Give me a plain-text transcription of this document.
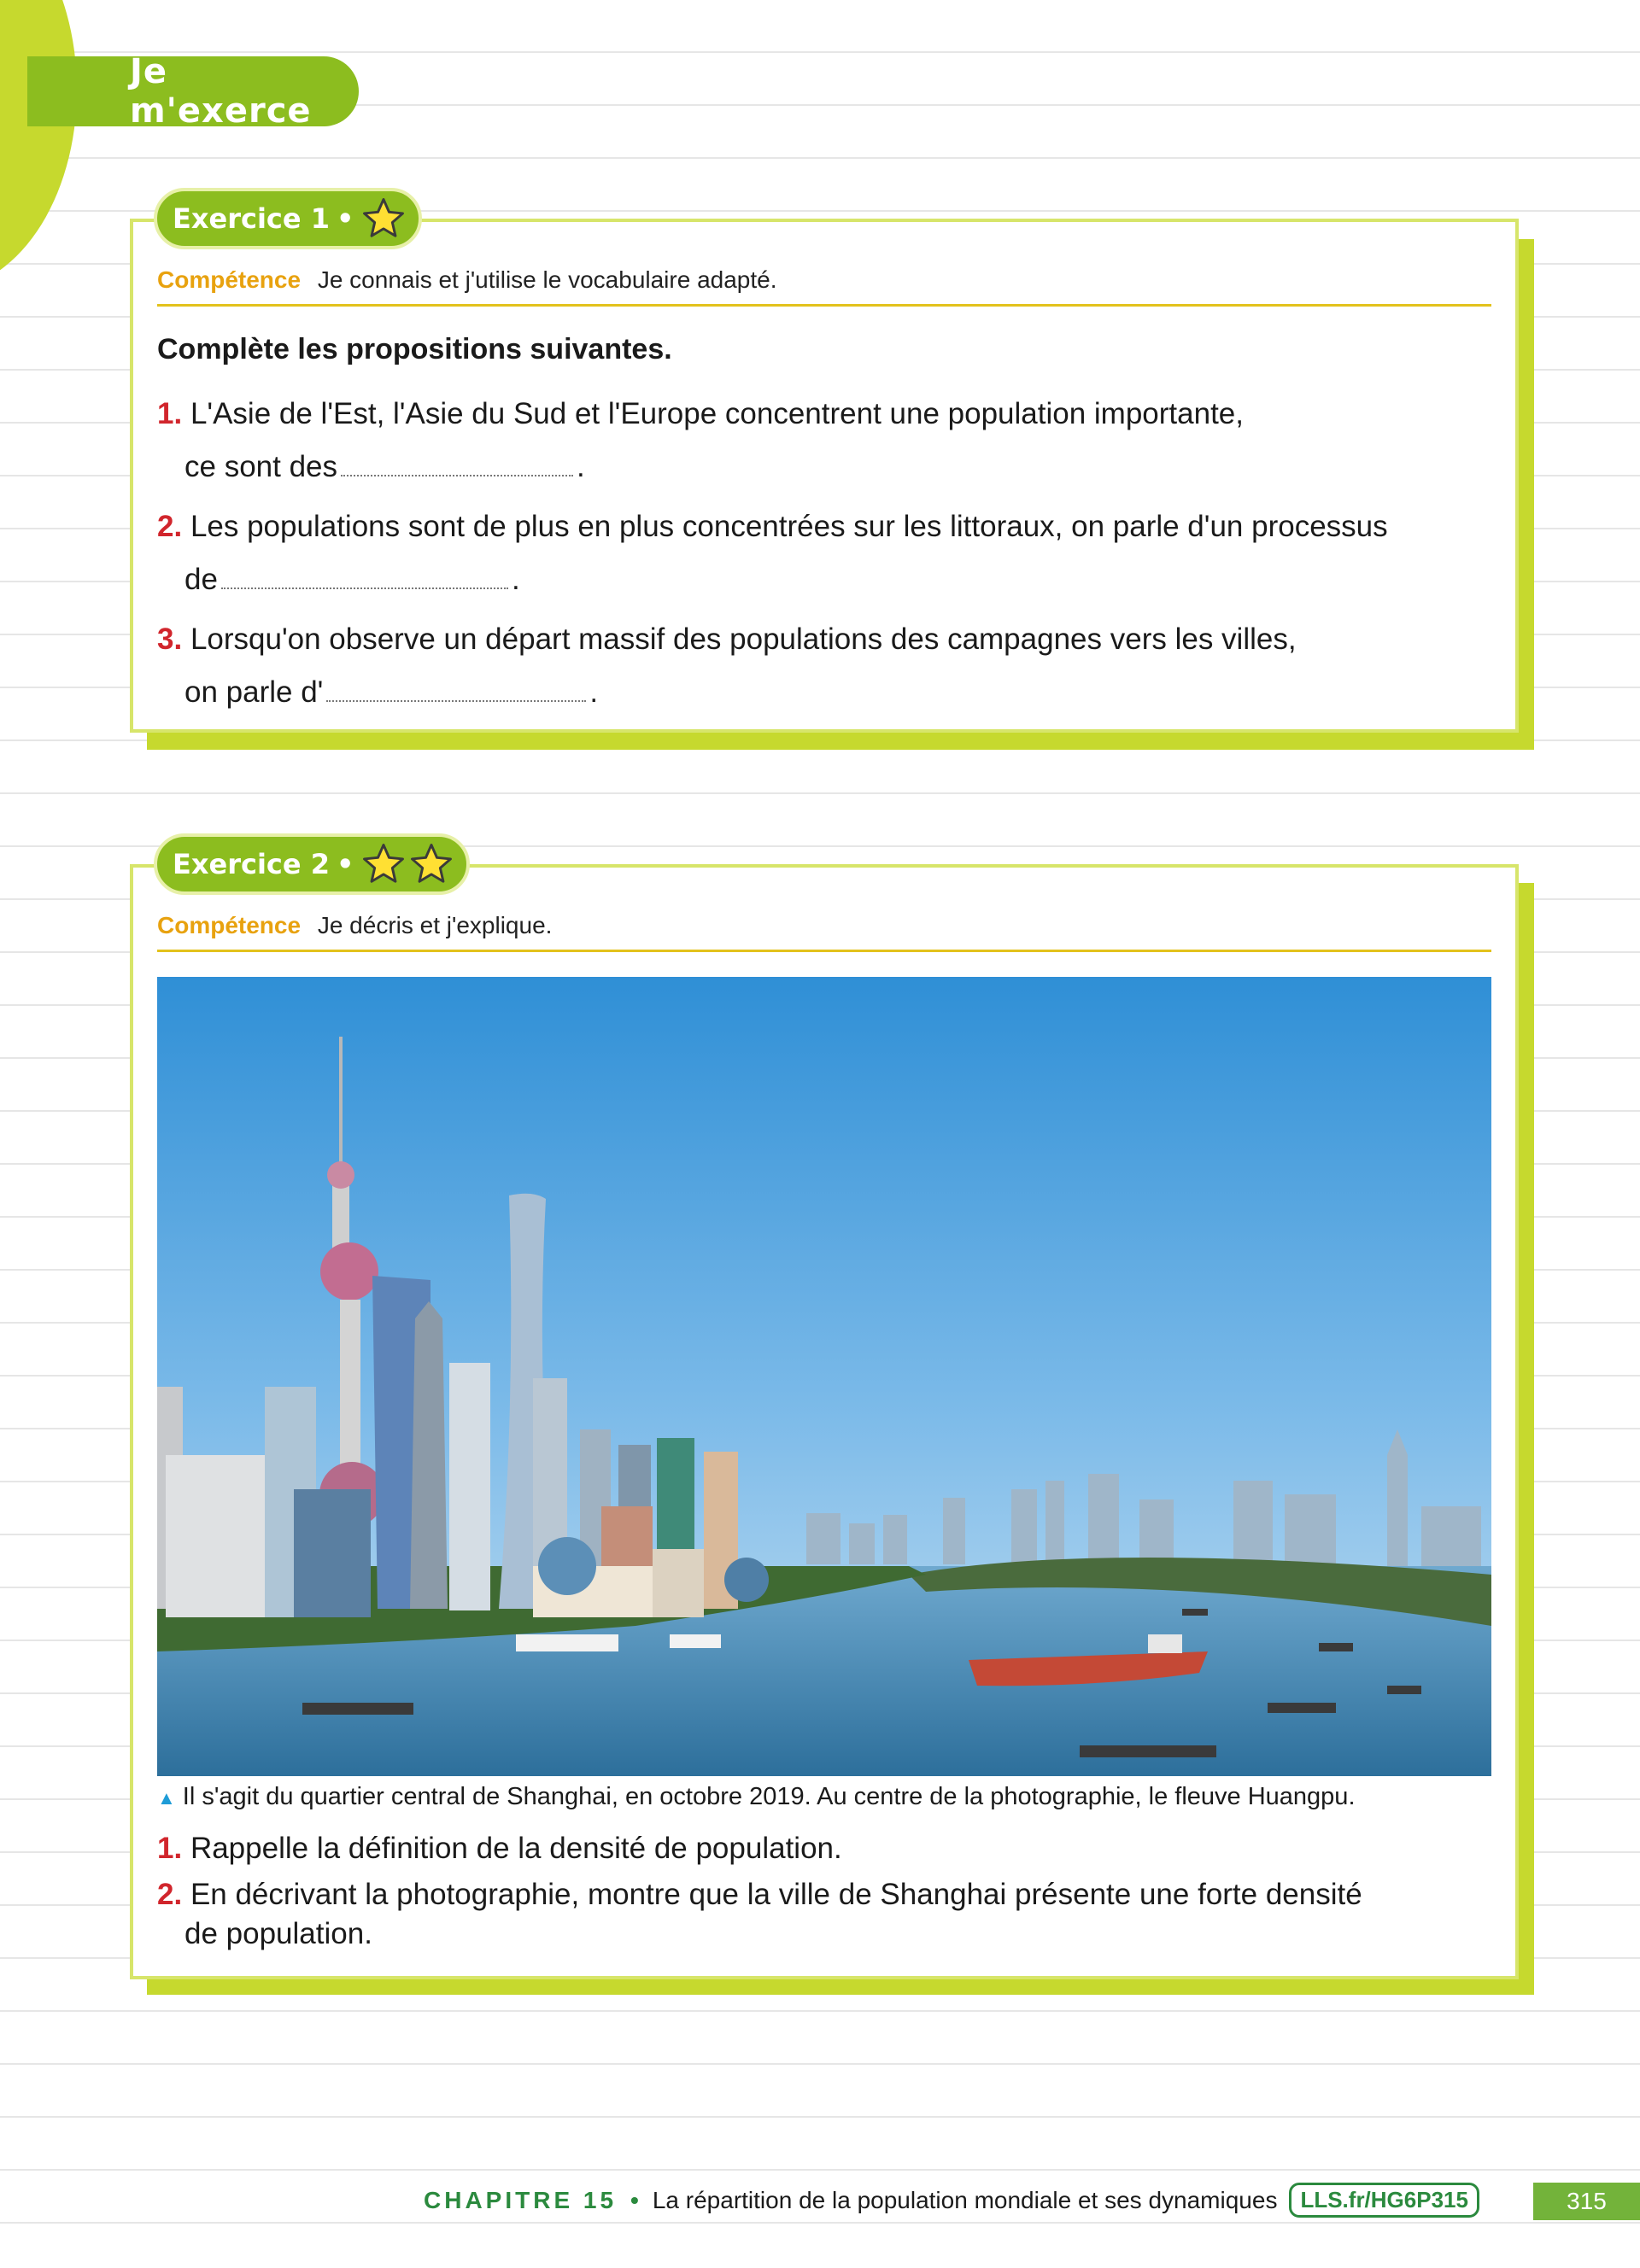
Je m'exerce
Exercice 1 •
Compétence Je connais et j'utilise le vocabulaire adapté.
Complète les propositions suivantes.
1. L'Asie de l'Est, l'Asie du Sud et l'Europe concentrent une population importante,
ce sont des	.
2. Les populations sont de plus en plus concentrées sur les littoraux, on parle d'un processus
de	.
3. Lorsqu'on observe un départ massif des populations des campagnes vers les villes,
on parle d'	.
Exercice 2 •
Compétence Je décris et j'explique.
▲ Il s'agit du quartier central de Shanghai, en octobre 2019. Au centre de la photographie, le fleuve Huangpu.
1. Rappelle la définition de la densité de population.
2. En décrivant la photographie, montre que la ville de Shanghai présente une forte densité
de population.
CHAPITRE 15 • La répartition de la population mondiale et ses dynamiques	LLS.fr/HG6P315	315
